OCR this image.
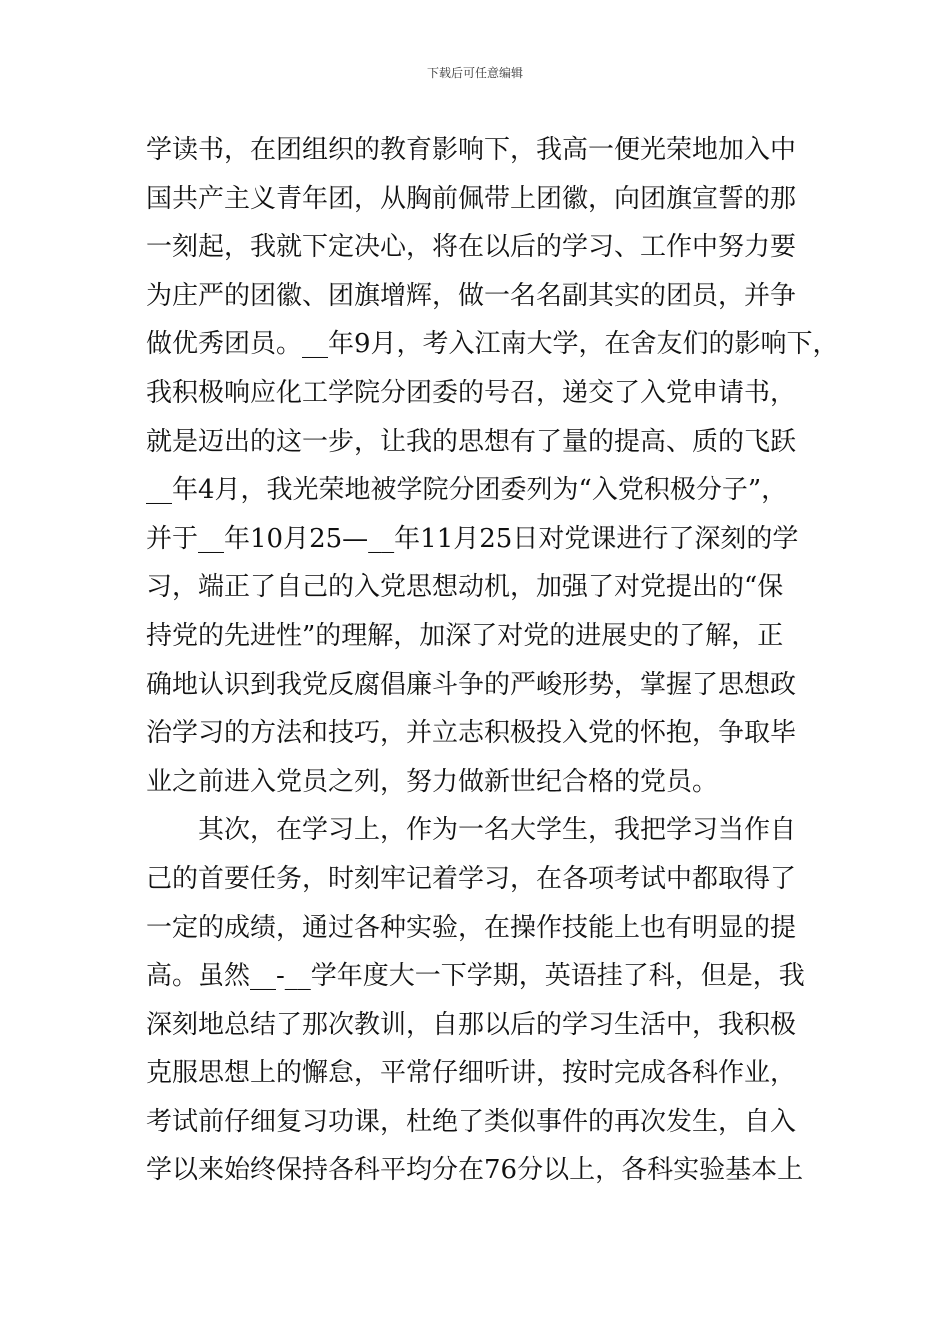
下载后可任意编辑
学读书，在团组织的教育影响下，我高一便光荣地加入中
国共产主义青年团，从胸前佩带上团徽，向团旗宣誓的那
一刻起，我就下定决心，将在以后的学习、工作中努力要
为庄严的团徽、团旗增辉，做一名名副其实的团员，并争
做优秀团员。__年9月，考入江南大学，在舍友们的影响下，
我积极响应化工学院分团委的号召，递交了入党申请书，
就是迈出的这一步，让我的思想有了量的提高、质的飞跃
__年4月，我光荣地被学院分团委列为“入党积极分子”，
并于__年10月25—__年11月25日对党课进行了深刻的学
习，端正了自己的入党思想动机，加强了对党提出的“保
持党的先进性”的理解，加深了对党的进展史的了解，正
确地认识到我党反腐倡廉斗争的严峻形势，掌握了思想政
治学习的方法和技巧，并立志积极投入党的怀抱，争取毕
业之前进入党员之列，努力做新世纪合格的党员。
其次，在学习上，作为一名大学生，我把学习当作自
己的首要任务，时刻牢记着学习，在各项考试中都取得了
一定的成绩，通过各种实验，在操作技能上也有明显的提
高。虽然__-__学年度大一下学期，英语挂了科，但是，我
深刻地总结了那次教训，自那以后的学习生活中，我积极
克服思想上的懈怠，平常仔细听讲，按时完成各科作业，
考试前仔细复习功课，杜绝了类似事件的再次发生，自入
学以来始终保持各科平均分在76分以上，各科实验基本上
